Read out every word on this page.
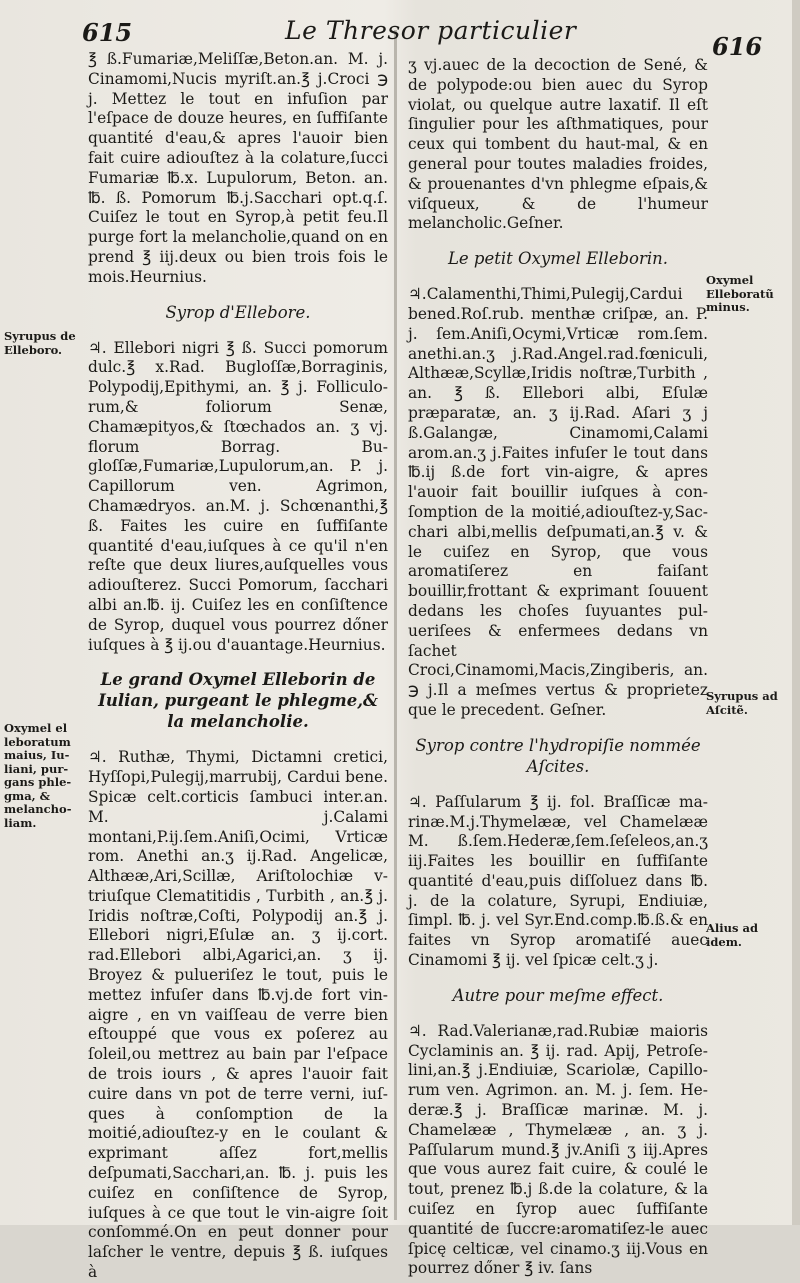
615	Le Thresor particulier
616

℥ ß.Fumariæ,Meliſſæ,Beton.an. M. j. Cinamomi,Nucis myriſt.an.℥ j.Croci ℈ j. Mettez le tout en infuſion par l'eſpace de douze heures, en ſuffiſante quantité d'eau,& apres l'auoir bien fait cuire adiouſtez à la colature,ſucci Fumariæ ℔.x. Lupulorum, Beton. an. ℔. ß. Pomorum ℔.j.Sacchari opt.q.ſ. Cuiſez le tout en Syrop,à petit feu.Il purge fort la melancholie,quand on en prend ℥ iij.deux ou bien trois fois le mois.Heurnius.

Syrop d'Ellebore.

♃. Ellebori nigri ℥ ß. Succi pomorum dulc.℥ x.Rad. Bugloſſæ,Borraginis, Polypodij,Epithymi, an. ℥ j. Folliculorum,& foliorum Senæ, Chamæpityos,& ſtœchados an. ʒ vj. florum Borrag. Bugloſſæ,Fumariæ,Lupulorum,an. P. j. Capillorum ven. Agrimon, Chamædryos. an.M. j. Schœnanthi,℥ ß. Faites les cuire en ſuffiſante quantité d'eau,iuſques à ce qu'il n'en reſte que deux liures,auſquelles vous adiouſterez. Succi Pomorum, ſacchari albi an.℔. ij. Cuiſez les en conſiſtence de Syrop, duquel vous pourrez dőner iuſques à ℥ ij.ou d'auantage.Heurnius.

Le grand Oxymel Elleborin de Iulian, purgeant le phlegme,& la melancholie.

♃. Ruthæ, Thymi, Dictamni cretici, Hyſſopi,Pulegij,marrubij, Cardui bene. Spicæ celt.corticis ſambuci inter.an. M. j.Calami montani,P.ij.ſem.Aniſi,Ocimi, Vrticæ rom. Anethi an.ʒ ij.Rad. Angelicæ, Althææ,Ari,Scillæ, Ariſtolochiæ vtriuſque Clematitidis , Turbith , an.℥ j. Iridis noſtræ,Coſti, Polypodij an.℥ j. Ellebori nigri,Eſulæ an. ʒ ij.cort. rad.Ellebori albi,Agarici,an. ʒ ij. Broyez & pulueriſez le tout, puis le mettez infuſer dans ℔.vj.de fort vin-aigre , en vn vaiſſeau de verre bien eſtouppé que vous ex poſerez au ſoleil,ou mettrez au bain par l'eſpace de trois iours , & apres l'auoir fait cuire dans vn pot de terre verni, iuſques à conſomption de la moitié,adiouſtez-y en le coulant & exprimant aſſez fort,mellis deſpumati,Sacchari,an. ℔. j. puis les cuiſez en conſiſtence de Syrop, iuſques à ce que tout le vin-aigre ſoit conſommé.On en peut donner pour laſcher le ventre, depuis ℥ ß. iuſques à

ʒ vj.auec de la decoction de Sené, & de polypode:ou bien auec du Syrop violat, ou quelque autre laxatif. Il eſt ſingulier pour les aſthmatiques, pour ceux qui tombent du haut-mal, & en general pour toutes maladies froides, & prouenantes d'vn phlegme eſpais,& viſqueux, & de l'humeur melancholic.Geſner.

Le petit Oxymel Elleborin.

♃.Calamenthi,Thimi,Pulegij,Cardui bened.Roſ.rub. menthæ criſpæ, an. P. j. ſem.Aniſi,Ocymi,Vrticæ rom.ſem. anethi.an.ʒ j.Rad.Angel.rad.fœniculi, Althææ,Scyllæ,Iridis noſtræ,Turbith , an. ℥ ß. Ellebori albi, Eſulæ præparatæ, an. ʒ ij.Rad. Aſari ʒ j ß.Galangæ, Cinamomi,Calami arom.an.ʒ j.Faites infuſer le tout dans ℔.ij ß.de fort vin-aigre, & apres l'auoir fait bouillir iuſques à conſomption de la moitié,adiouſtez-y,Sacchari albi,mellis deſpumati,an.℥ v. & le cuiſez en Syrop, que vous aromatiſerez en faiſant bouillir,frottant & exprimant ſouuent dedans les choſes ſuyuantes pulueriſees & enfermees dedans vn ſachet Croci,Cinamomi,Macis,Zingiberis, an. ℈ j.Il a meſmes vertus & proprietez que le precedent. Geſner.

Syrop contre l'hydropiſie nommée Aſcites.

♃. Paſſularum ℥ ij. fol. Braſſicæ marinæ.M.j.Thymelææ, vel Chamelææ M. ß.ſem.Hederæ,ſem.ſeſeleos,an.ʒ iij.Faites les bouillir en ſuffiſante quantité d'eau,puis diſſoluez dans ℔. j. de la colature, Syrupi, Endiuiæ, ſimpl. ℔. j. vel Syr.End.comp.℔.ß.& en faites vn Syrop aromatiſé auec Cinamomi ℥ ij. vel ſpicæ celt.ʒ j.

Autre pour meſme effect.

♃. Rad.Valerianæ,rad.Rubiæ maioris Cyclaminis an. ℥ ij. rad. Apij, Petroſelini,an.℥ j.Endiuiæ, Scariolæ, Capillorum ven. Agrimon. an. M. j. ſem. Hederæ.℥ j. Braſſicæ marinæ. M. j. Chamelææ , Thymelææ , an. ʒ j. Paſſularum mund.℥ jv.Aniſi ʒ iij.Apres que vous aurez fait cuire, & coulé le tout, prenez ℔.j ß.de la colature, & la cuiſez en ſyrop auec ſuffiſante quantité de ſuccre:aromatiſez-le auec ſpicę celticæ, vel cinamo.ʒ iij.Vous en pourrez dőner ℥ iv. ſans

Syrupus de Elleboro.
Oxymel el leboratum maius, Iuliani, purgans phlegma, & melancholiam.
Oxymel Elleboratũ minus.
Syrupus ad Aſcitẽ.
Alius ad idem.
